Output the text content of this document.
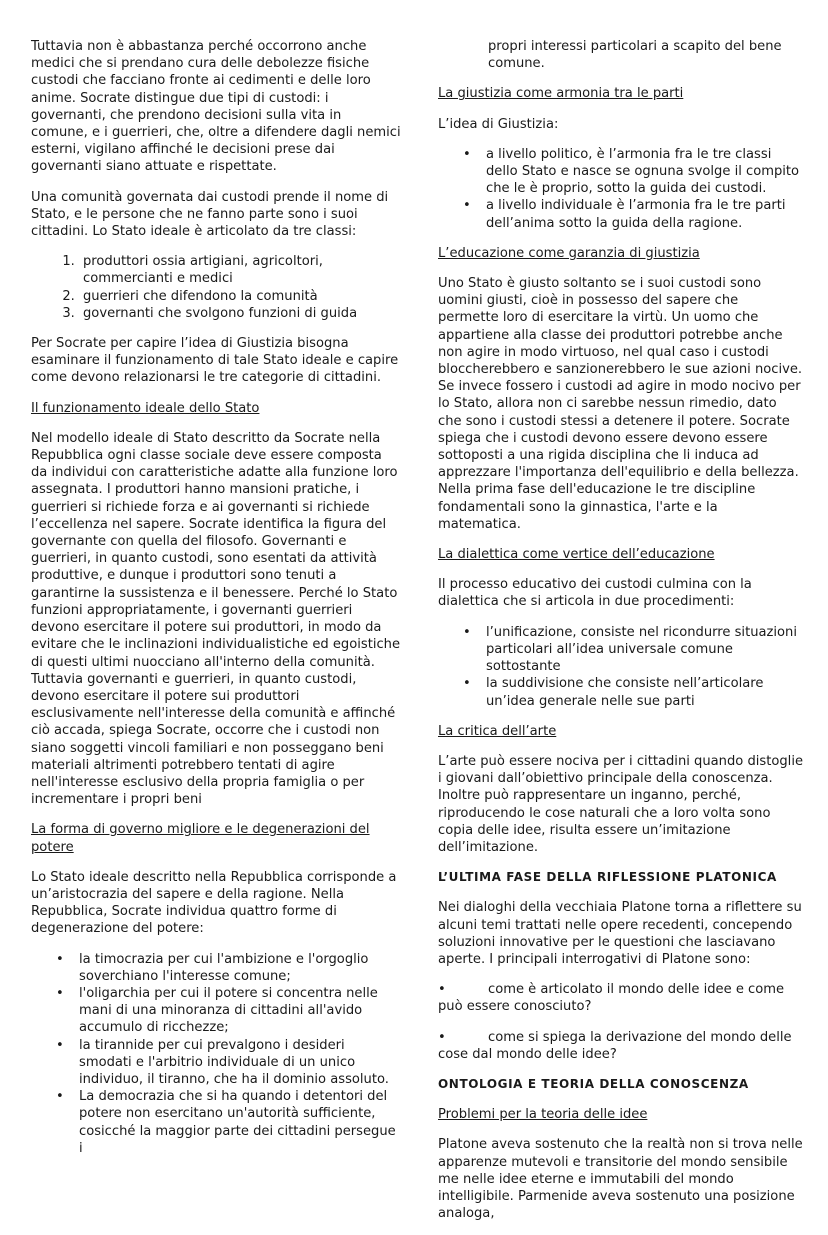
Tuttavia non è abbastanza perché occorrono anche medici che si prendano cura delle debolezze fisiche custodi che facciano fronte ai cedimenti e delle loro anime. Socrate distingue due tipi di custodi: i governanti, che prendono decisioni sulla vita in comune, e i guerrieri, che, oltre a difendere dagli nemici esterni, vigilano affinché le decisioni prese dai governanti siano attuate e rispettate.

Una comunità governata dai custodi prende il nome di Stato, e le persone che ne fanno parte sono i suoi cittadini. Lo Stato ideale è articolato da tre classi:

1. produttori ossia artigiani, agricoltori, commercianti e medici
2. guerrieri che difendono la comunità
3. governanti che svolgono funzioni di guida

Per Socrate per capire l’idea di Giustizia bisogna esaminare il funzionamento di tale Stato ideale e capire come devono relazionarsi le tre categorie di cittadini.

Il funzionamento ideale dello Stato

Nel modello ideale di Stato descritto da Socrate nella Repubblica ogni classe sociale deve essere composta da individui con caratteristiche adatte alla funzione loro assegnata. I produttori hanno mansioni pratiche, i guerrieri si richiede forza e ai governanti si richiede l’eccellenza nel sapere. Socrate identifica la figura del governante con quella del filosofo. Governanti e guerrieri, in quanto custodi, sono esentati da attività produttive, e dunque i produttori sono tenuti a garantirne la sussistenza e il benessere. Perché lo Stato funzioni appropriatamente, i governanti guerrieri devono esercitare il potere sui produttori, in modo da evitare che le inclinazioni individualistiche ed egoistiche di questi ultimi nuocciano all'interno della comunità. Tuttavia governanti e guerrieri, in quanto custodi, devono esercitare il potere sui produttori esclusivamente nell'interesse della comunità e affinché ciò accada, spiega Socrate, occorre che i custodi non siano soggetti vincoli familiari e non posseggano beni materiali altrimenti potrebbero tentati di agire nell'interesse esclusivo della propria famiglia o per incrementare i propri beni

La forma di governo migliore e le degenerazioni del potere

Lo Stato ideale descritto nella Repubblica corrisponde a un’aristocrazia del sapere e della ragione. Nella Repubblica, Socrate individua quattro forme di degenerazione del potere:

• la timocrazia per cui l'ambizione e l'orgoglio soverchiano l'interesse comune;
• l'oligarchia per cui il potere si concentra nelle mani di una minoranza di cittadini all'avido accumulo di ricchezze;
• la tirannide per cui prevalgono i desideri smodati e l'arbitrio individuale di un unico individuo, il tiranno, che ha il dominio assoluto.
• La democrazia che si ha quando i detentori del potere non esercitano un'autorità sufficiente, cosicché la maggior parte dei cittadini persegue i

propri interessi particolari a scapito del bene comune.

La giustizia come armonia tra le parti

L’idea di Giustizia:

• a livello politico, è l’armonia fra le tre classi dello Stato e nasce se ognuna svolge il compito che le è proprio, sotto la guida dei custodi.
• a livello individuale è l’armonia fra le tre parti dell’anima sotto la guida della ragione.
L’educazione come garanzia di giustizia

Uno Stato è giusto soltanto se i suoi custodi sono uomini giusti, cioè in possesso del sapere che permette loro di esercitare la virtù. Un uomo che appartiene alla classe dei produttori potrebbe anche non agire in modo virtuoso, nel qual caso i custodi bloccherebbero e sanzionerebbero le sue azioni nocive. Se invece fossero i custodi ad agire in modo nocivo per lo Stato, allora non ci sarebbe nessun rimedio, dato che sono i custodi stessi a detenere il potere. Socrate spiega che i custodi devono essere devono essere sottoposti a una rigida disciplina che li induca ad apprezzare l'importanza dell'equilibrio e della bellezza. Nella prima fase dell'educazione le tre discipline fondamentali sono la ginnastica, l'arte e la matematica.

La dialettica come vertice dell’educazione

Il processo educativo dei custodi culmina con la dialettica che si articola in due procedimenti:

• l’unificazione, consiste nel ricondurre situazioni particolari all’idea universale comune sottostante
• la suddivisione che consiste nell’articolare un’idea generale nelle sue parti
La critica dell’arte

L’arte può essere nociva per i cittadini quando distoglie i giovani dall’obiettivo principale della conoscenza. Inoltre può rappresentare un inganno, perché, riproducendo le cose naturali che a loro volta sono copia delle idee, risulta essere un’imitazione dell’imitazione.

L’ULTIMA FASE DELLA RIFLESSIONE PLATONICA

Nei dialoghi della vecchiaia Platone torna a riflettere su alcuni temi trattati nelle opere recedenti, concependo soluzioni innovative per le questioni che lasciavano aperte. I principali interrogativi di Platone sono:

•	come è articolato il mondo delle idee e come può essere conosciuto?
•	come si spiega la derivazione del mondo delle cose dal mondo delle idee?
ONTOLOGIA E TEORIA DELLA CONOSCENZA
Problemi per la teoria delle idee

Platone aveva sostenuto che la realtà non si trova nelle apparenze mutevoli e transitorie del mondo sensibile me nelle idee eterne e immutabili del mondo intelligibile. Parmenide aveva sostenuto una posizione analoga,
